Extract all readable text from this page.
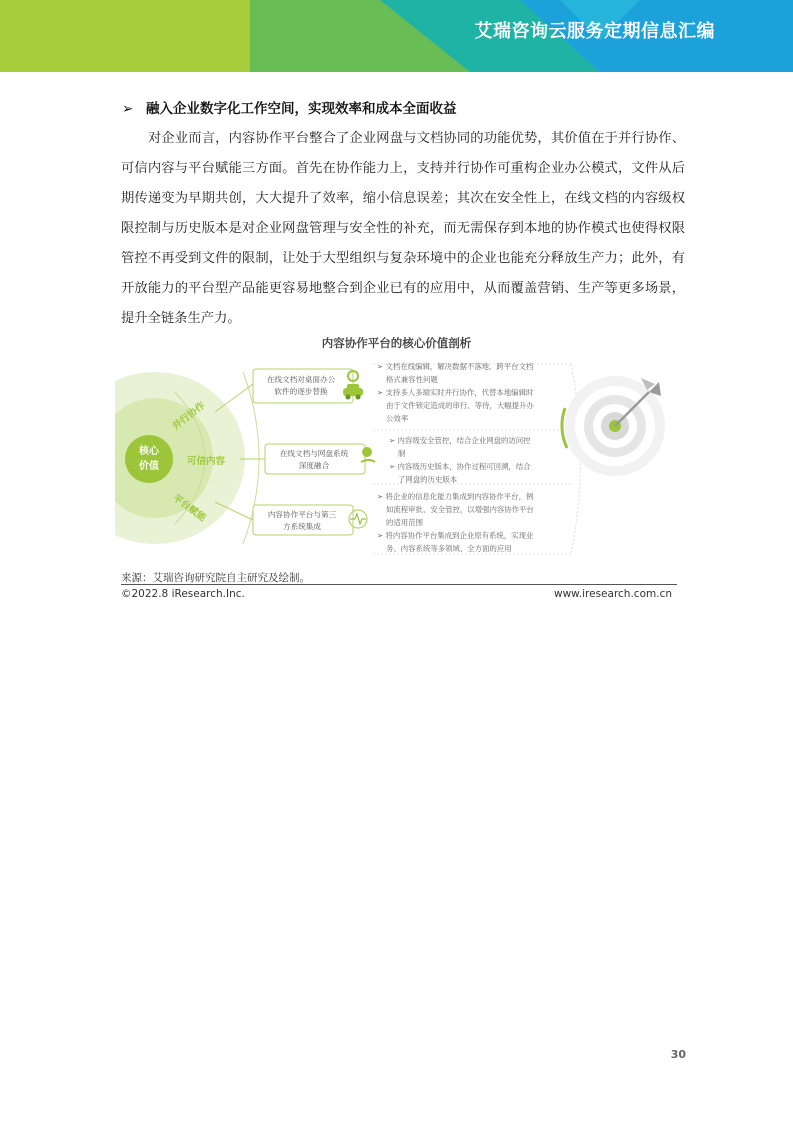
艾瑞咨询云服务定期信息汇编
➢ 融入企业数字化工作空间，实现效率和成本全面收益
对企业而言，内容协作平台整合了企业网盘与文档协同的功能优势，其价值在于并行协作、可信内容与平台赋能三方面。首先在协作能力上，支持并行协作可重构企业办公模式，文件从后期传递变为早期共创，大大提升了效率，缩小信息误差；其次在安全性上，在线文档的内容级权限控制与历史版本是对企业网盘管理与安全性的补充，而无需保存到本地的协作模式也使得权限管控不再受到文件的限制，让处于大型组织与复杂环境中的企业也能充分释放生产力；此外，有开放能力的平台型产品能更容易地整合到企业已有的应用中，从而覆盖营销、生产等更多场景，提升全链条生产力。
内容协作平台的核心价值剖析
并行协作
可信内容
平台赋能
核心
价值
在线文档对桌面办公
软件的逐步替换
在线文档与网盘系统
深度融合
内容协作平台与第三
方系统集成
➢ 文档在线编辑，解决数据不落地、跨平台文档
格式兼容性问题
➢ 支持多人多端实时并行协作，代替本地编辑时
由于文件锁定造成的串行、等待，大幅提升办
公效率
➢ 内容级安全管控，结合企业网盘的访问控
制
➢ 内容级历史版本，协作过程可回溯，结合
了网盘的历史版本
➢ 将企业的信息化能力集成到内容协作平台，例
如流程审批、安全管控，以增强内容协作平台
的适用范围
➢ 将内容协作平台集成到企业原有系统，实现业
务、内容系统等多领域、全方面的应用
来源：艾瑞咨询研究院自主研究及绘制。
©2022.8 iResearch.Inc.	www.iresearch.com.cn
30
